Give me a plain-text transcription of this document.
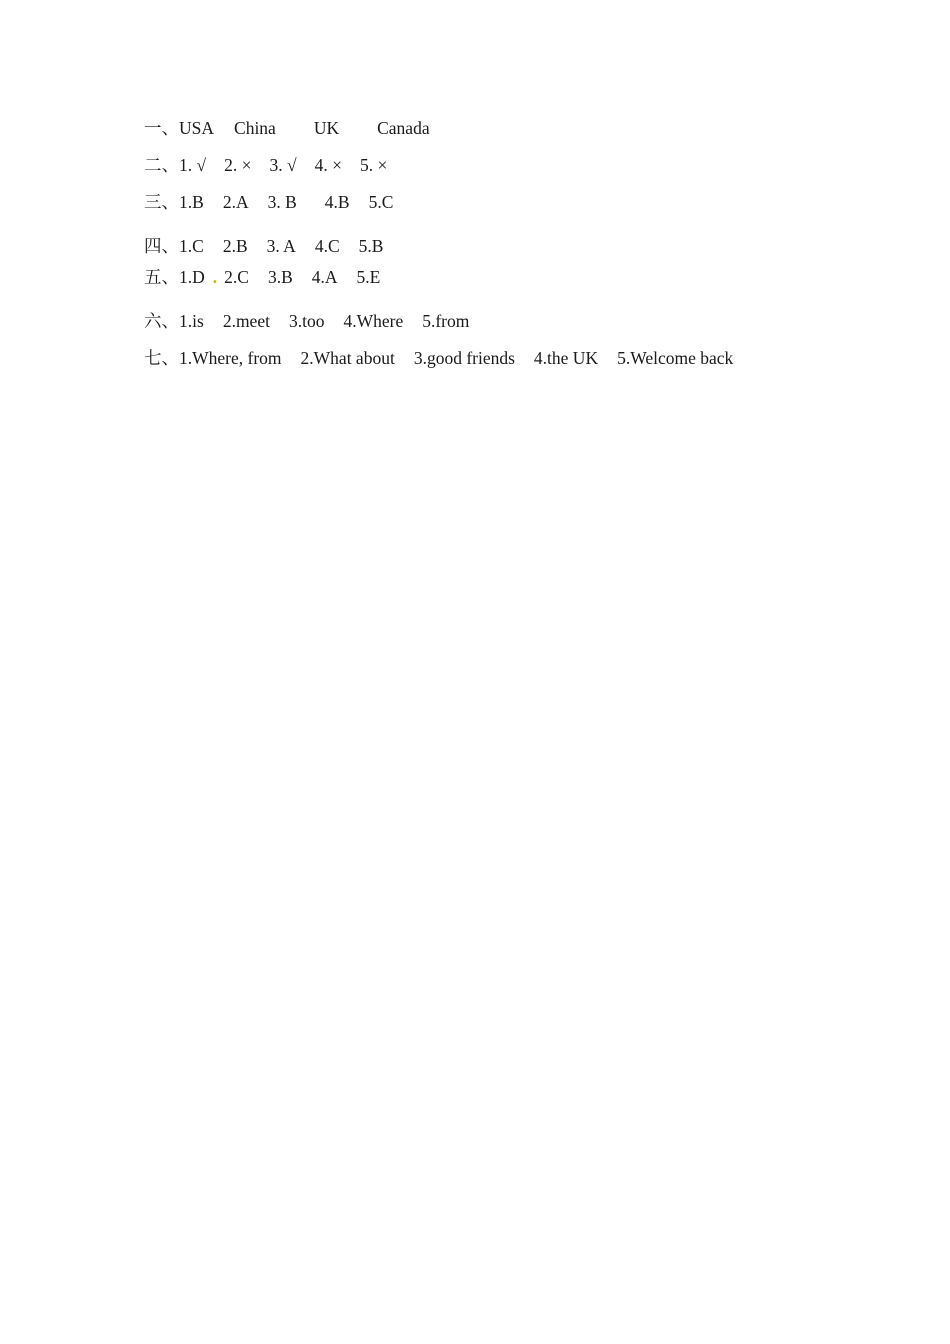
一、USA China UK Canada
二、1. √ 2. × 3. √ 4. × 5. ×
三、1.B 2.A 3. B 4.B 5.C
四、1.C 2.B 3. A 4.C 5.B
五、1.D . 2.C 3.B 4.A 5.E
六、1.is 2.meet 3.too 4.Where 5.from
七、1.Where, from 2.What about 3.good friends 4.the UK 5.Welcome back
